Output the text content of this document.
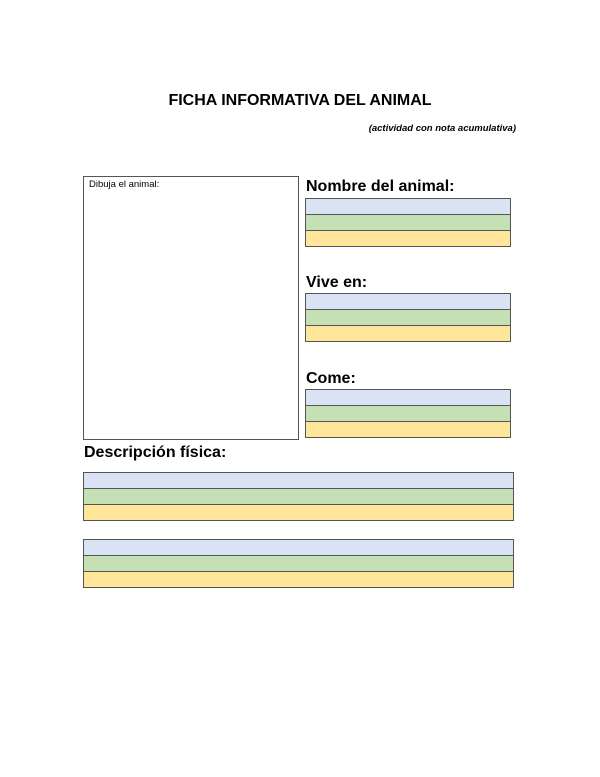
FICHA INFORMATIVA DEL ANIMAL
(actividad con nota acumulativa)
Dibuja el animal:	Nombre del animal:
Vive en:
Come:
Descripción física:
